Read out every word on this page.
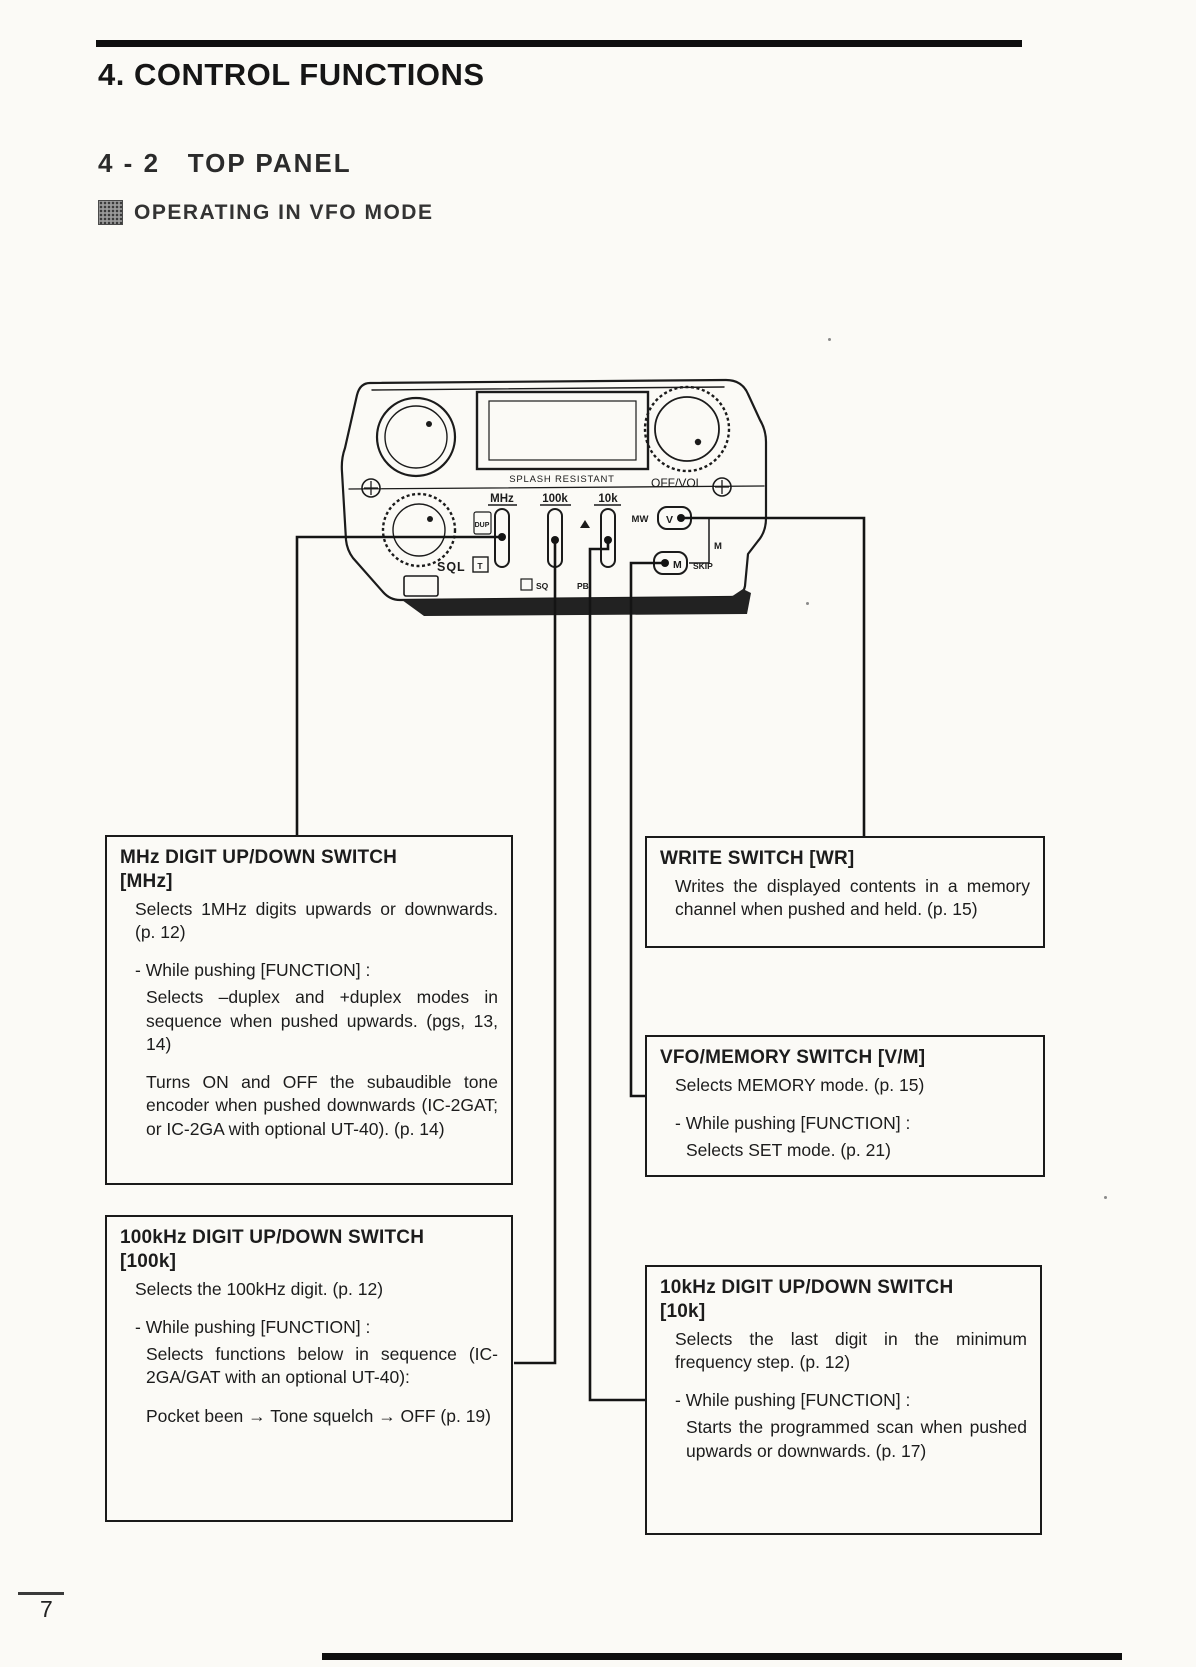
4. CONTROL FUNCTIONS
4 - 2   TOP PANEL
OPERATING IN VFO MODE
SPLASH RESISTANT	OFF/VOL
MHz 100k	10k
DUP
SQL T
MW V
M
M SKIP
SQ	PB
MHz DIGIT UP/DOWN SWITCH
[MHz]

Selects 1MHz digits upwards or downwards. (p. 12)

- While pushing [FUNCTION] :

Selects –duplex and +duplex modes in sequence when pushed upwards. (pgs, 13, 14)

Turns ON and OFF the subaudible tone encoder when pushed downwards (IC-2GAT; or IC-2GA with optional UT-40). (p. 14)

WRITE SWITCH [WR]

Writes the displayed contents in a memory channel when pushed and held. (p. 15)

VFO/MEMORY SWITCH [V/M]

Selects MEMORY mode. (p. 15)

- While pushing [FUNCTION] :

Selects SET mode. (p. 21)

100kHz DIGIT UP/DOWN SWITCH
[100k]

Selects the 100kHz digit. (p. 12)

- While pushing [FUNCTION] :

Selects functions below in sequence (IC-2GA/GAT with an optional UT-40):

Pocket been → Tone squelch → OFF (p. 19)

10kHz DIGIT UP/DOWN SWITCH
[10k]

Selects the last digit in the minimum frequency step. (p. 12)

- While pushing [FUNCTION] :

Starts the programmed scan when pushed upwards or downwards. (p. 17)

7
